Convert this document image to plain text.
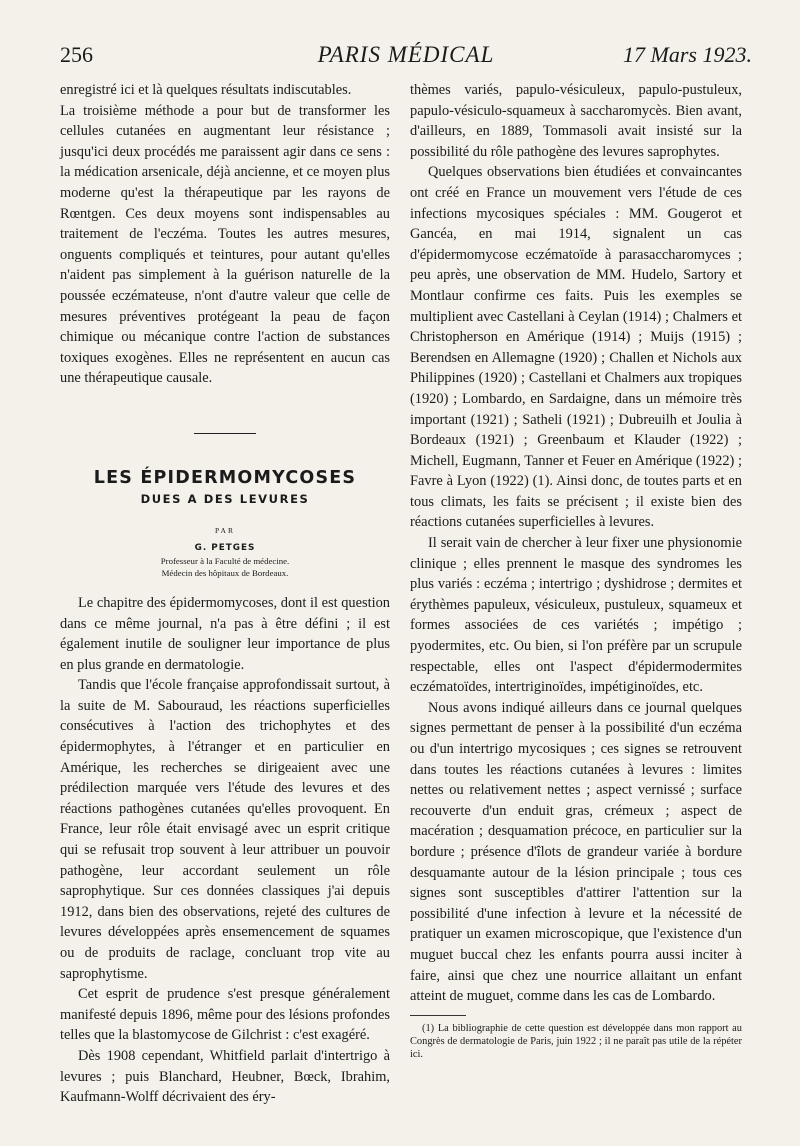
256	PARIS MÉDICAL	17 Mars 1923.

enregistré ici et là quelques résultats indiscutables.

La troisième méthode a pour but de transformer les cellules cutanées en augmentant leur résistance ; jusqu'ici deux procédés me paraissent agir dans ce sens : la médication arsenicale, déjà ancienne, et ce moyen plus moderne qu'est la thérapeutique par les rayons de Rœntgen. Ces deux moyens sont indispensables au traitement de l'eczéma. Toutes les autres mesures, onguents compliqués et teintures, pour autant qu'elles n'aident pas simplement à la guérison naturelle de la poussée eczémateuse, n'ont d'autre valeur que celle de mesures préventives protégeant la peau de façon chimique ou mécanique contre l'action de substances toxiques exogènes. Elles ne représentent en aucun cas une thérapeutique causale.

LES ÉPIDERMOMYCOSES
DUES A DES LEVURES

PAR

G. PETGES

Professeur à la Faculté de médecine.

Médecin des hôpitaux de Bordeaux.

Le chapitre des épidermomycoses, dont il est question dans ce même journal, n'a pas à être défini ; il est également inutile de souligner leur importance de plus en plus grande en dermatologie.

Tandis que l'école française approfondissait surtout, à la suite de M. Sabouraud, les réactions superficielles consécutives à l'action des trichophytes et des épidermophytes, à l'étranger et en particulier en Amérique, les recherches se dirigeaient avec une prédilection marquée vers l'étude des levures et des réactions pathogènes cutanées qu'elles provoquent. En France, leur rôle était envisagé avec un esprit critique qui se refusait trop souvent à leur attribuer un pouvoir pathogène, leur accordant seulement un rôle saprophytique. Sur ces données classiques j'ai depuis 1912, dans bien des observations, rejeté des cultures de levures développées après ensemencement de squames ou de produits de raclage, concluant trop vite au saprophytisme.

Cet esprit de prudence s'est presque généralement manifesté depuis 1896, même pour des lésions profondes telles que la blastomycose de Gilchrist : c'est exagéré.

Dès 1908 cependant, Whitfield parlait d'intertrigo à levures ; puis Blanchard, Heubner, Bœck, Ibrahim, Kaufmann-Wolff décrivaient des éry-

thèmes variés, papulo-vésiculeux, papulo-pustuleux, papulo-vésiculo-squameux à saccharomycès. Bien avant, d'ailleurs, en 1889, Tommasoli avait insisté sur la possibilité du rôle pathogène des levures saprophytes.

Quelques observations bien étudiées et convaincantes ont créé en France un mouvement vers l'étude de ces infections mycosiques spéciales : MM. Gougerot et Gancéa, en mai 1914, signalent un cas d'épidermomycose eczématoïde à parasaccharomyces ; peu après, une observation de MM. Hudelo, Sartory et Montlaur confirme ces faits. Puis les exemples se multiplient avec Castellani à Ceylan (1914) ; Chalmers et Christopherson en Amérique (1914) ; Muijs (1915) ; Berendsen en Allemagne (1920) ; Challen et Nichols aux Philippines (1920) ; Castellani et Chalmers aux tropiques (1920) ; Lombardo, en Sardaigne, dans un mémoire très important (1921) ; Satheli (1921) ; Dubreuilh et Joulia à Bordeaux (1921) ; Greenbaum et Klauder (1922) ; Michell, Eugmann, Tanner et Feuer en Amérique (1922) ; Favre à Lyon (1922) (1). Ainsi donc, de toutes parts et en tous climats, les faits se précisent ; il existe bien des réactions cutanées superficielles à levures.

Il serait vain de chercher à leur fixer une physionomie clinique ; elles prennent le masque des syndromes les plus variés : eczéma ; intertrigo ; dyshidrose ; dermites et érythèmes papuleux, vésiculeux, pustuleux, squameux et formes associées de ces variétés ; impétigo ; pyodermites, etc. Ou bien, si l'on préfère par un scrupule respectable, elles ont l'aspect d'épidermodermites eczématoïdes, intertriginoïdes, impétiginoïdes, etc.

Nous avons indiqué ailleurs dans ce journal quelques signes permettant de penser à la possibilité d'un eczéma ou d'un intertrigo mycosiques ; ces signes se retrouvent dans toutes les réactions cutanées à levures : limites nettes ou relativement nettes ; aspect vernissé ; surface recouverte d'un enduit gras, crémeux ; aspect de macération ; desquamation précoce, en particulier sur la bordure ; présence d'îlots de grandeur variée à bordure desquamante autour de la lésion principale ; tous ces signes sont susceptibles d'attirer l'attention sur la possibilité d'une infection à levure et la nécessité de pratiquer un examen microscopique, que l'existence d'un muguet buccal chez les enfants pourra aussi inciter à faire, ainsi que chez une nourrice allaitant un enfant atteint de muguet, comme dans les cas de Lombardo.

(1) La bibliographie de cette question est développée dans mon rapport au Congrès de dermatologie de Paris, juin 1922 ; il ne paraît pas utile de la répéter ici.
